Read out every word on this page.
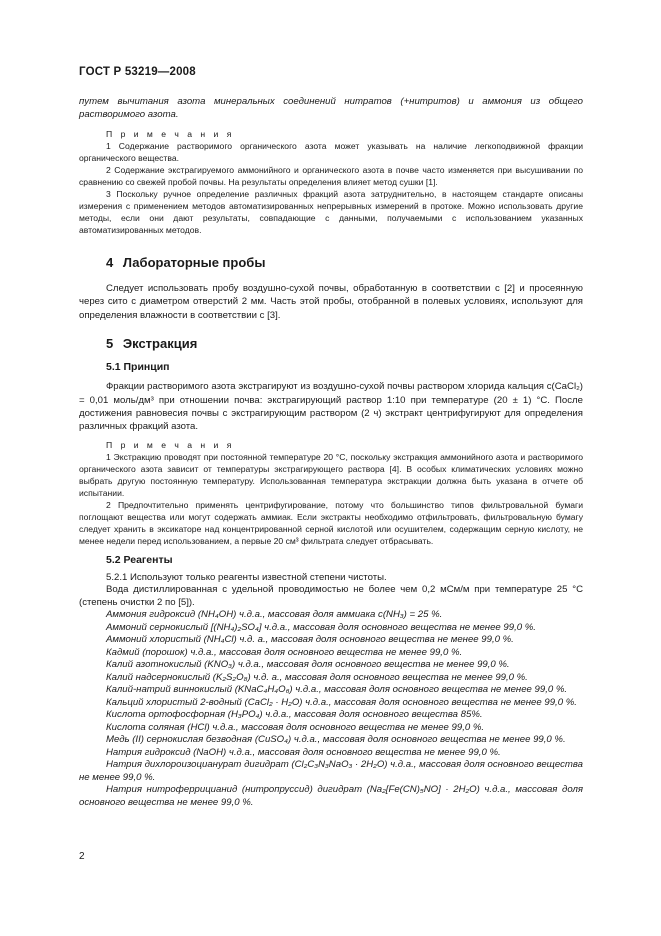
ГОСТ Р 53219—2008

путем вычитания азота минеральных соединений нитратов (+нитритов) и аммония из общего растворимого азота.

П р и м е ч а н и я

1 Содержание растворимого органического азота может указывать на наличие легкоподвижной фракции органического вещества.

2 Содержание экстрагируемого аммонийного и органического азота в почве часто изменяется при высушивании по сравнению со свежей пробой почвы. На результаты определения влияет метод сушки [1].

3 Поскольку ручное определение различных фракций азота затруднительно, в настоящем стандарте описаны измерения с применением методов автоматизированных непрерывных измерений в протоке. Можно использовать другие методы, если они дают результаты, совпадающие с данными, получаемыми с использованием указанных автоматизированных методов.

4 Лабораторные пробы

Следует использовать пробу воздушно-сухой почвы, обработанную в соответствии с [2] и просеянную через сито с диаметром отверстий 2 мм. Часть этой пробы, отобранной в полевых условиях, используют для определения влажности в соответствии с [3].

5 Экстракция

5.1 Принцип

Фракции растворимого азота экстрагируют из воздушно-сухой почвы раствором хлорида кальция c(CaCl₂) = 0,01 моль/дм³ при отношении почва: экстрагирующий раствор 1:10 при температуре (20 ± 1) °C. После достижения равновесия почвы с экстрагирующим раствором (2 ч) экстракт центрифугируют для определения различных фракций азота.

П р и м е ч а н и я

1 Экстракцию проводят при постоянной температуре 20 °C, поскольку экстракция аммонийного азота и растворимого органического азота зависит от температуры экстрагирующего раствора [4]. В особых климатических условиях можно выбрать другую постоянную температуру. Использованная температура экстракции должна быть указана в отчете об испытании.

2 Предпочтительно применять центрифугирование, потому что большинство типов фильтровальной бумаги поглощают вещества или могут содержать аммиак. Если экстракты необходимо отфильтровать, фильтровальную бумагу следует хранить в эксикаторе над концентрированной серной кислотой или осушителем, содержащим серную кислоту, не менее недели перед использованием, а первые 20 см³ фильтрата следует отбрасывать.

5.2 Реагенты

5.2.1 Используют только реагенты известной степени чистоты.

Вода дистиллированная с удельной проводимостью не более чем 0,2 мСм/м при температуре 25 °C (степень очистки 2 по [5]).

Аммония гидроксид (NH₄OH) ч.д.а., массовая доля аммиака c(NH₃) = 25 %.

Аммоний сернокислый [(NH₄)₂SO₄] ч.д.а., массовая доля основного вещества не менее 99,0 %.

Аммоний хлористый (NH₄Cl) ч.д. а., массовая доля основного вещества не менее 99,0 %.

Кадмий (порошок) ч.д.а., массовая доля основного вещества не менее 99,0 %.

Калий азотнокислый (KNO₃) ч.д.а., массовая доля основного вещества не менее 99,0 %.

Калий надсернокислый (K₂S₂O₈) ч.д. а., массовая доля основного вещества не менее 99,0 %.

Калий-натрий виннокислый (KNaC₄H₄O₆) ч.д.а., массовая доля основного вещества не менее 99,0 %.

Кальций хлористый 2-водный (CaCl₂ · H₂O) ч.д.а., массовая доля основного вещества не менее 99,0 %.

Кислота ортофосфорная (H₃PO₄) ч.д.а., массовая доля основного вещества 85%.

Кислота соляная (HCl) ч.д.а., массовая доля основного вещества не менее 99,0 %.

Медь (II) сернокислая безводная (CuSO₄) ч.д.а., массовая доля основного вещества не менее 99,0 %.

Натрия гидроксид (NaOH) ч.д.а., массовая доля основного вещества не менее 99,0 %.

Натрия дихлороизоцианурат дигидрат (Cl₂C₃N₃NaO₃ · 2H₂O) ч.д.а., массовая доля основного вещества не менее 99,0 %.

Натрия нитроферрицианид (нитропруссид) дигидрат (Na₂[Fe(CN)₅NO] · 2H₂O) ч.д.а., массовая доля основного вещества не менее 99,0 %.

2
